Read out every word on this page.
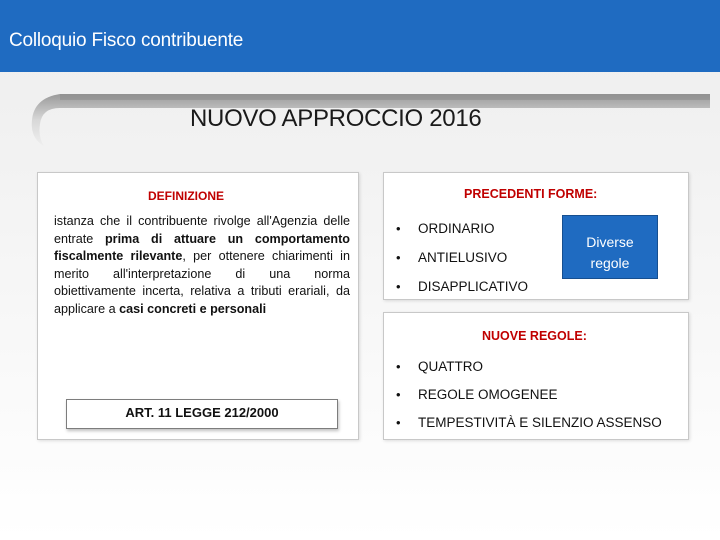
Colloquio Fisco contribuente
NUOVO APPROCCIO 2016
DEFINIZIONE

istanza che il contribuente rivolge all'Agenzia delle entrate prima di attuare un comportamento fiscalmente rilevante, per ottenere chiarimenti in merito all'interpretazione di una norma obiettivamente incerta, relativa a tributi erariali, da applicare a casi concreti e personali

ART. 11 LEGGE 212/2000
PRECEDENTI FORME:
• ORDINARIO
• ANTIELUSIVO
• DISAPPLICATIVO
Diverse
regole
NUOVE REGOLE:
• QUATTRO
• REGOLE OMOGENEE
• TEMPESTIVITÀ E SILENZIO ASSENSO
